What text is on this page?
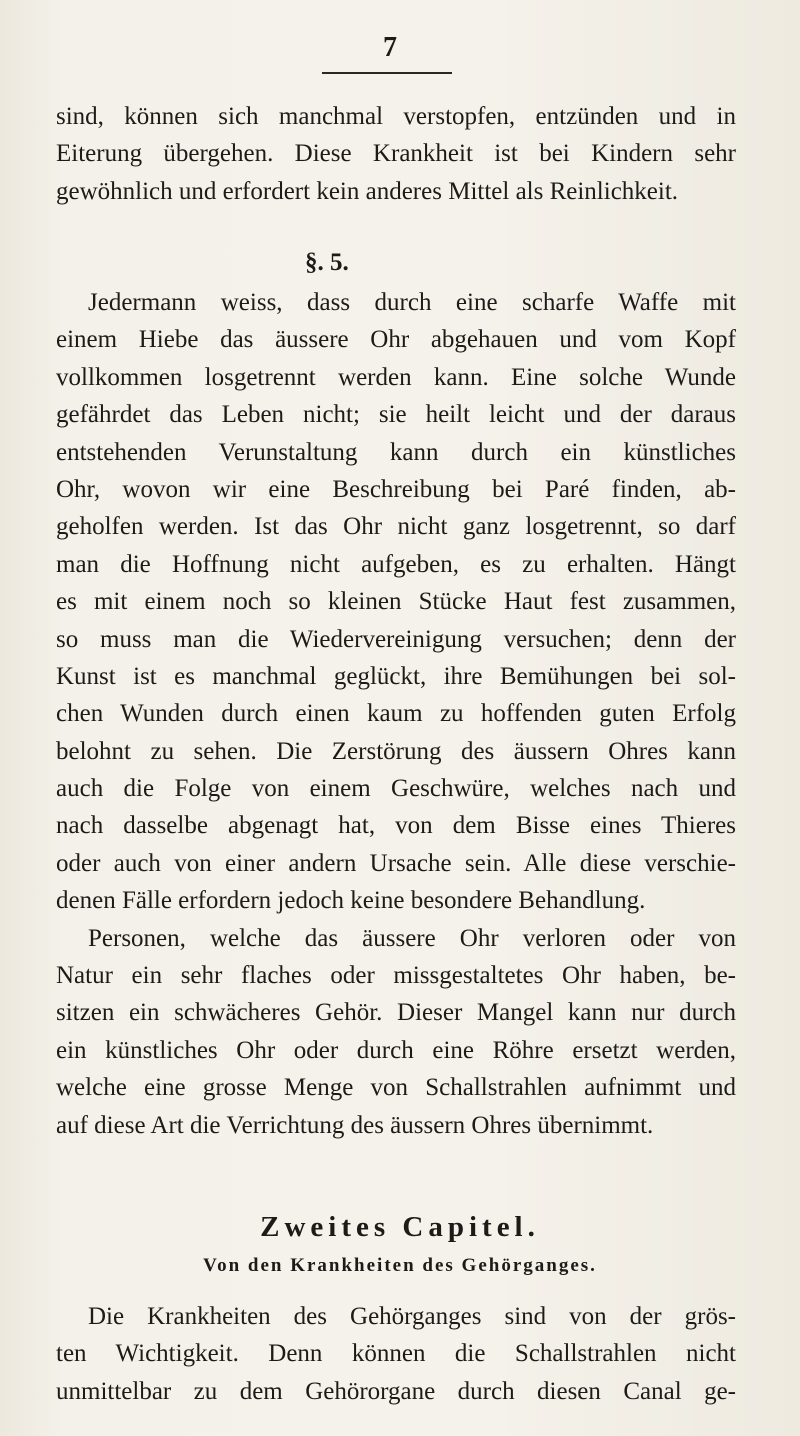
7
sind, können sich manchmal verstopfen, entzünden und in
Eiterung übergehen. Diese Krankheit ist bei Kindern sehr
gewöhnlich und erfordert kein anderes Mittel als Reinlichkeit.
§. 5.
Jedermann weiss, dass durch eine scharfe Waffe mit
einem Hiebe das äussere Ohr abgehauen und vom Kopf
vollkommen losgetrennt werden kann. Eine solche Wunde
gefährdet das Leben nicht; sie heilt leicht und der daraus
entstehenden Verunstaltung kann durch ein künstliches
Ohr, wovon wir eine Beschreibung bei Paré finden, ab-
geholfen werden. Ist das Ohr nicht ganz losgetrennt, so darf
man die Hoffnung nicht aufgeben, es zu erhalten. Hängt
es mit einem noch so kleinen Stücke Haut fest zusammen,
so muss man die Wiedervereinigung versuchen; denn der
Kunst ist es manchmal geglückt, ihre Bemühungen bei sol-
chen Wunden durch einen kaum zu hoffenden guten Erfolg
belohnt zu sehen. Die Zerstörung des äussern Ohres kann
auch die Folge von einem Geschwüre, welches nach und
nach dasselbe abgenagt hat, von dem Bisse eines Thieres
oder auch von einer andern Ursache sein. Alle diese verschie-
denen Fälle erfordern jedoch keine besondere Behandlung.
Personen, welche das äussere Ohr verloren oder von
Natur ein sehr flaches oder missgestaltetes Ohr haben, be-
sitzen ein schwächeres Gehör. Dieser Mangel kann nur durch
ein künstliches Ohr oder durch eine Röhre ersetzt werden,
welche eine grosse Menge von Schallstrahlen aufnimmt und
auf diese Art die Verrichtung des äussern Ohres übernimmt.
Zweites Capitel.
Von den Krankheiten des Gehörganges.
Die Krankheiten des Gehörganges sind von der grös-
ten Wichtigkeit. Denn können die Schallstrahlen nicht
unmittelbar zu dem Gehörorgane durch diesen Canal ge-
